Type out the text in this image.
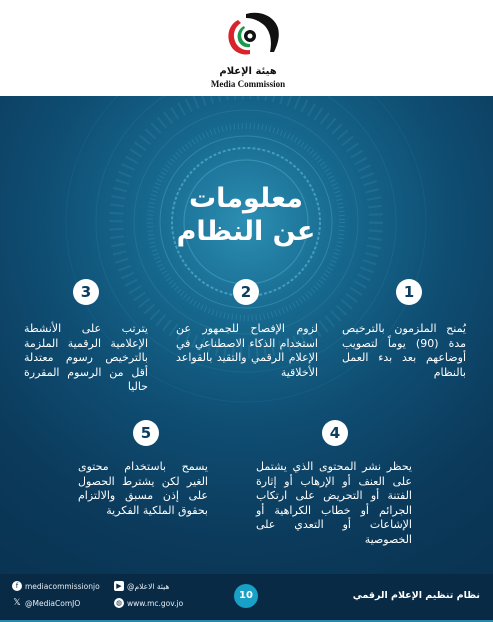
هيئة الإعلام
Media Commission
معلومات
عن النظام
1
يُمنح الملزمون بالترخيص مدة (90) يوماً لتصويب أوضاعهم بعد بدء العمل بالنظام
2
لزوم الإفصاح للجمهور عن استخدام الذكاء الاصطناعي في الإعلام الرقمي والتقيد بالقواعد الأخلاقية
3
يترتب على الأنشطة الإعلامية الرقمية الملزمة بالترخيص رسوم معتدلة أقل من الرسوم المقررة حاليا
4
يحظر نشر المحتوى الذي يشتمل على العنف أو الإرهاب أو إثارة الفتنة أو التحريض على ارتكاب الجرائم أو خطاب الكراهية أو الإشاعات أو التعدي على الخصوصية
5
يسمح باستخدام محتوى الغير لكن يشترط الحصول على إذن مسبق والالتزام بحقوق الملكية الفكرية
f mediacommissionjo
𝕏 @MediaComJO
▶ @هيئة الاعلام
◍ www.mc.gov.jo
10	نظام تنظيم الإعلام الرقمي
